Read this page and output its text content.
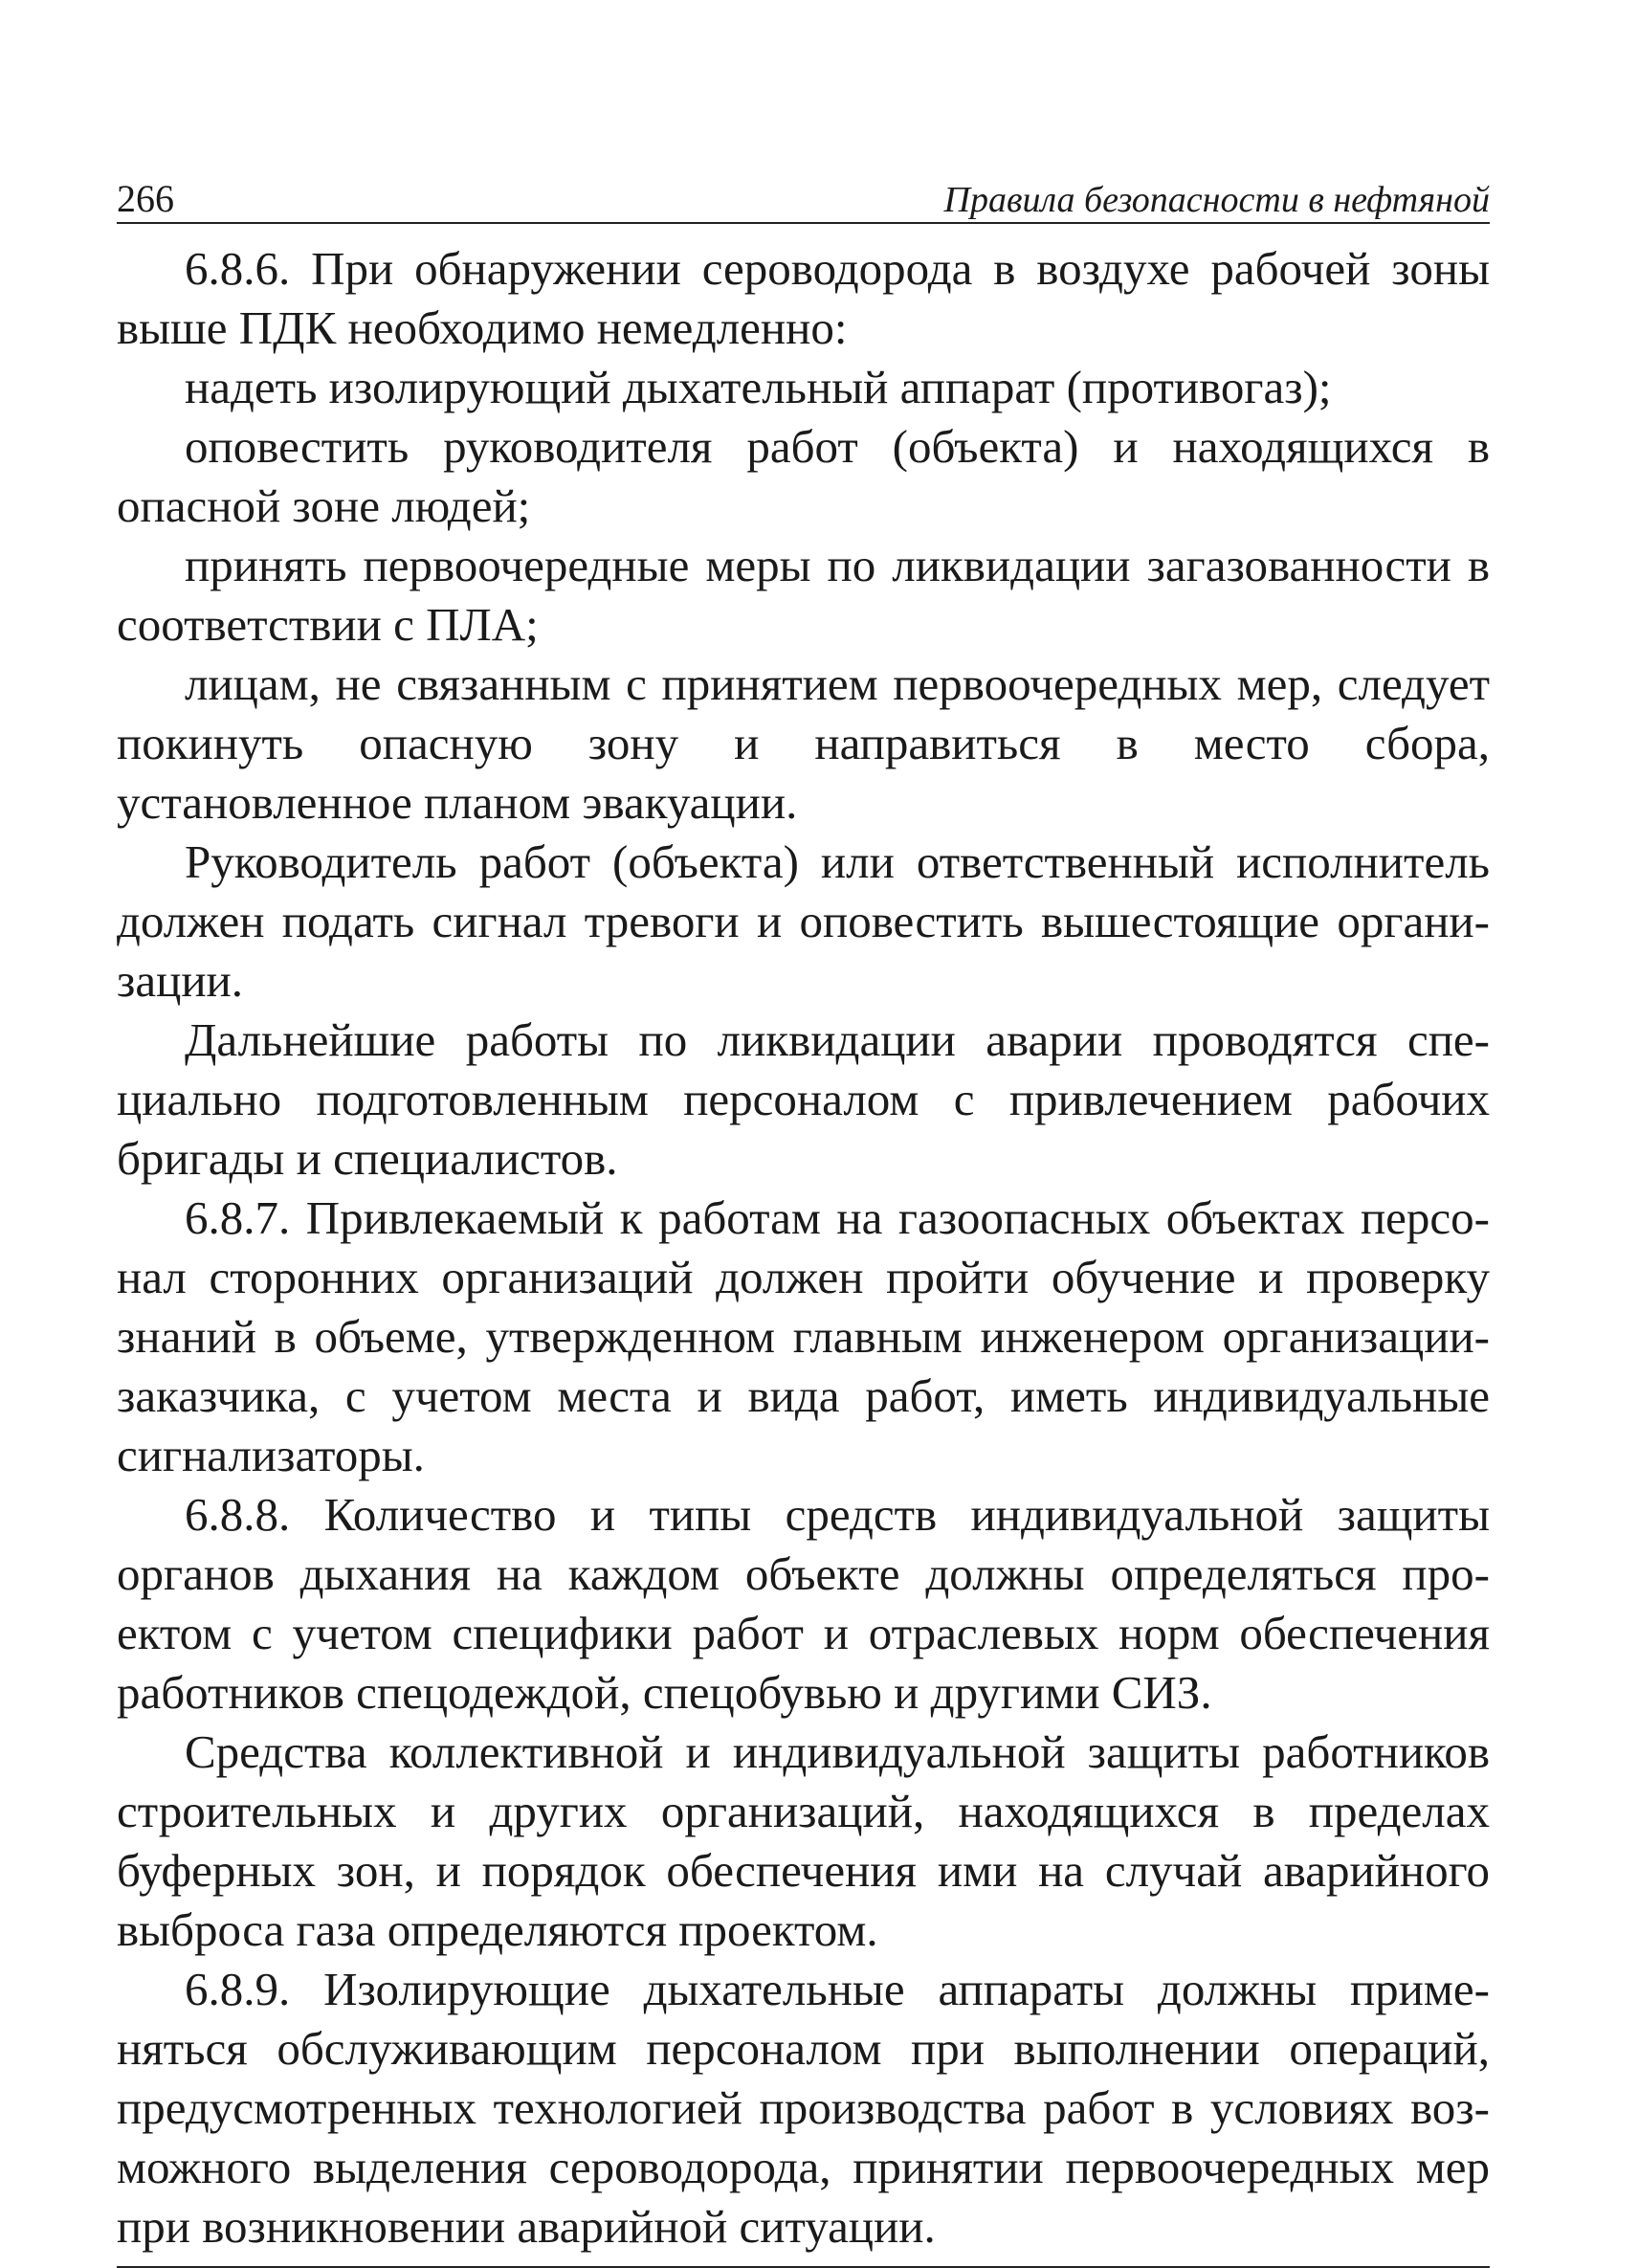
266	Правила безопасности в нефтяной

6.8.6. При обнаружении сероводорода в воздухе рабочей зоны выше ПДК необходимо немедленно:

надеть изолирующий дыхательный аппарат (противогаз);

оповестить руководителя работ (объекта) и находящихся в опасной зоне людей;

принять первоочередные меры по ликвидации загазованности в соответствии с ПЛА;

лицам, не связанным с принятием первоочередных мер, следует покинуть опасную зону и направиться в место сбора, установленное планом эвакуации.

Руководитель работ (объекта) или ответственный исполнитель должен подать сигнал тревоги и оповестить вышестоящие организации.

Дальнейшие работы по ликвидации аварии проводятся специально подготовленным персоналом с привлечением рабочих бригады и специалистов.

6.8.7. Привлекаемый к работам на газоопасных объектах персонал сторонних организаций должен пройти обучение и проверку знаний в объеме, утвержденном главным инженером организации-заказчика, с учетом места и вида работ, иметь индивидуальные сигнализаторы.

6.8.8. Количество и типы средств индивидуальной защиты органов дыхания на каждом объекте должны определяться проектом с учетом специфики работ и отраслевых норм обеспечения работников спецодеждой, спецобувью и другими СИЗ.

Средства коллективной и индивидуальной защиты работников строительных и других организаций, находящихся в пределах буферных зон, и порядок обеспечения ими на случай аварийного выброса газа определяются проектом.

6.8.9. Изолирующие дыхательные аппараты должны применяться обслуживающим персоналом при выполнении операций, предусмотренных технологией производства работ в условиях возможного выделения сероводорода, принятии первоочередных мер при возникновении аварийной ситуации.
